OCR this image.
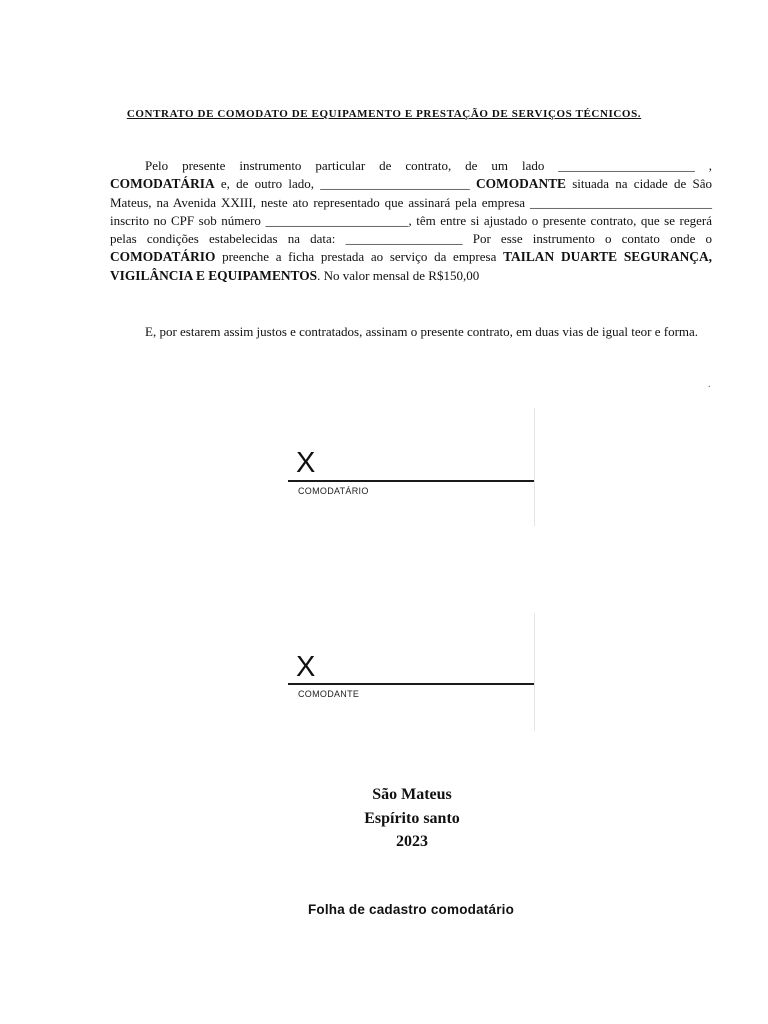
CONTRATO DE COMODATO DE EQUIPAMENTO E PRESTAÇÃO DE SERVIÇOS TÉCNICOS.

Pelo presente instrumento particular de contrato, de um lado _____________________ , COMODATÁRIA e, de outro lado, _______________________ COMODANTE situada na cidade de Sâo Mateus, na Avenida XXIII, neste ato representado que assinará pela empresa ____________________________ inscrito no CPF sob número ______________________, têm entre si ajustado o presente contrato, que se regerá pelas condições estabelecidas na data: __________________ Por esse instrumento o contato onde o COMODATÁRIO preenche a ficha prestada ao serviço da empresa TAILAN DUARTE SEGURANÇA, VIGILÂNCIA E EQUIPAMENTOS. No valor mensal de R$150,00

E, por estarem assim justos e contratados, assinam o presente contrato, em duas vias de igual teor e forma.

.
X
COMODATÁRIO
X
COMODANTE
São Mateus
Espírito santo
2023
Folha de cadastro comodatário
